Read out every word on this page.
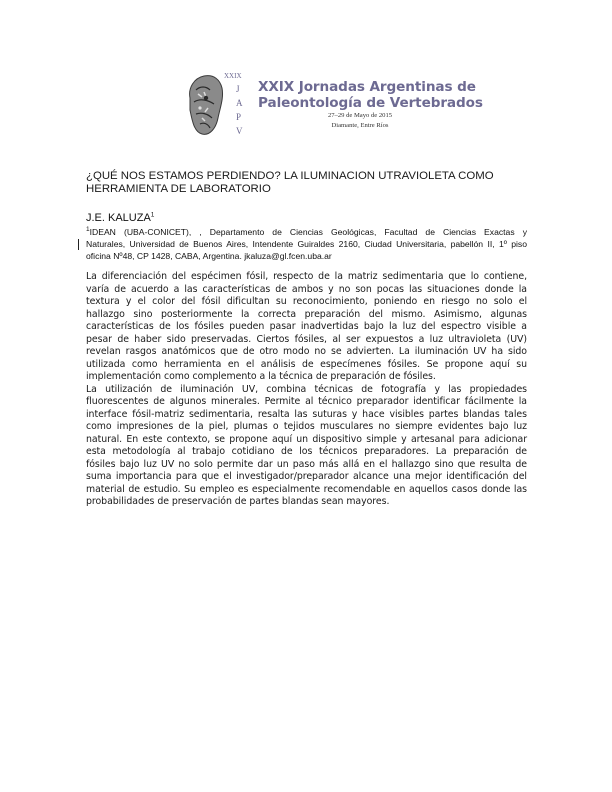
XXIX
J
A
P
V
XXIX Jornadas Argentinas de
Paleontología de Vertebrados
27–29 de Mayo de 2015
Diamante, Entre Ríos
¿QUÉ NOS ESTAMOS PERDIENDO? LA ILUMINACION UTRAVIOLETA COMO
HERRAMIENTA DE LABORATORIO
J.E. KALUZA$^1$
$^1$IDEAN (UBA-CONICET), , Departamento de Ciencias Geológicas, Facultad de Ciencias Exactas y
Naturales, Universidad de Buenos Aires, Intendente Guiraldes 2160, Ciudad Universitaria, pabellón II, 1º piso
oficina Nº48, CP 1428, CABA, Argentina. jkaluza@gl.fcen.uba.ar
La diferenciación del espécimen fósil, respecto de la matriz sedimentaria que lo contiene,
varía de acuerdo a las características de ambos y no son pocas las situaciones donde la
textura y el color del fósil dificultan su reconocimiento, poniendo en riesgo no solo el
hallazgo sino posteriormente la correcta preparación del mismo. Asimismo, algunas
características de los fósiles pueden pasar inadvertidas bajo la luz del espectro visible a
pesar de haber sido preservadas. Ciertos fósiles, al ser expuestos a luz ultravioleta (UV)
revelan rasgos anatómicos que de otro modo no se advierten. La iluminación UV ha sido
utilizada como herramienta en el análisis de especímenes fósiles. Se propone aquí su
implementación como complemento a la técnica de preparación de fósiles.
La utilización de iluminación UV, combina técnicas de fotografía y las propiedades
fluorescentes de algunos minerales. Permite al técnico preparador identificar fácilmente la
interface fósil-matriz sedimentaria, resalta las suturas y hace visibles partes blandas tales
como impresiones de la piel, plumas o tejidos musculares no siempre evidentes bajo luz
natural. En este contexto, se propone aquí un dispositivo simple y artesanal para adicionar
esta metodología al trabajo cotidiano de los técnicos preparadores. La preparación de
fósiles bajo luz UV no solo permite dar un paso más allá en el hallazgo sino que resulta de
suma importancia para que el investigador/preparador alcance una mejor identificación del
material de estudio. Su empleo es especialmente recomendable en aquellos casos donde las
probabilidades de preservación de partes blandas sean mayores.
